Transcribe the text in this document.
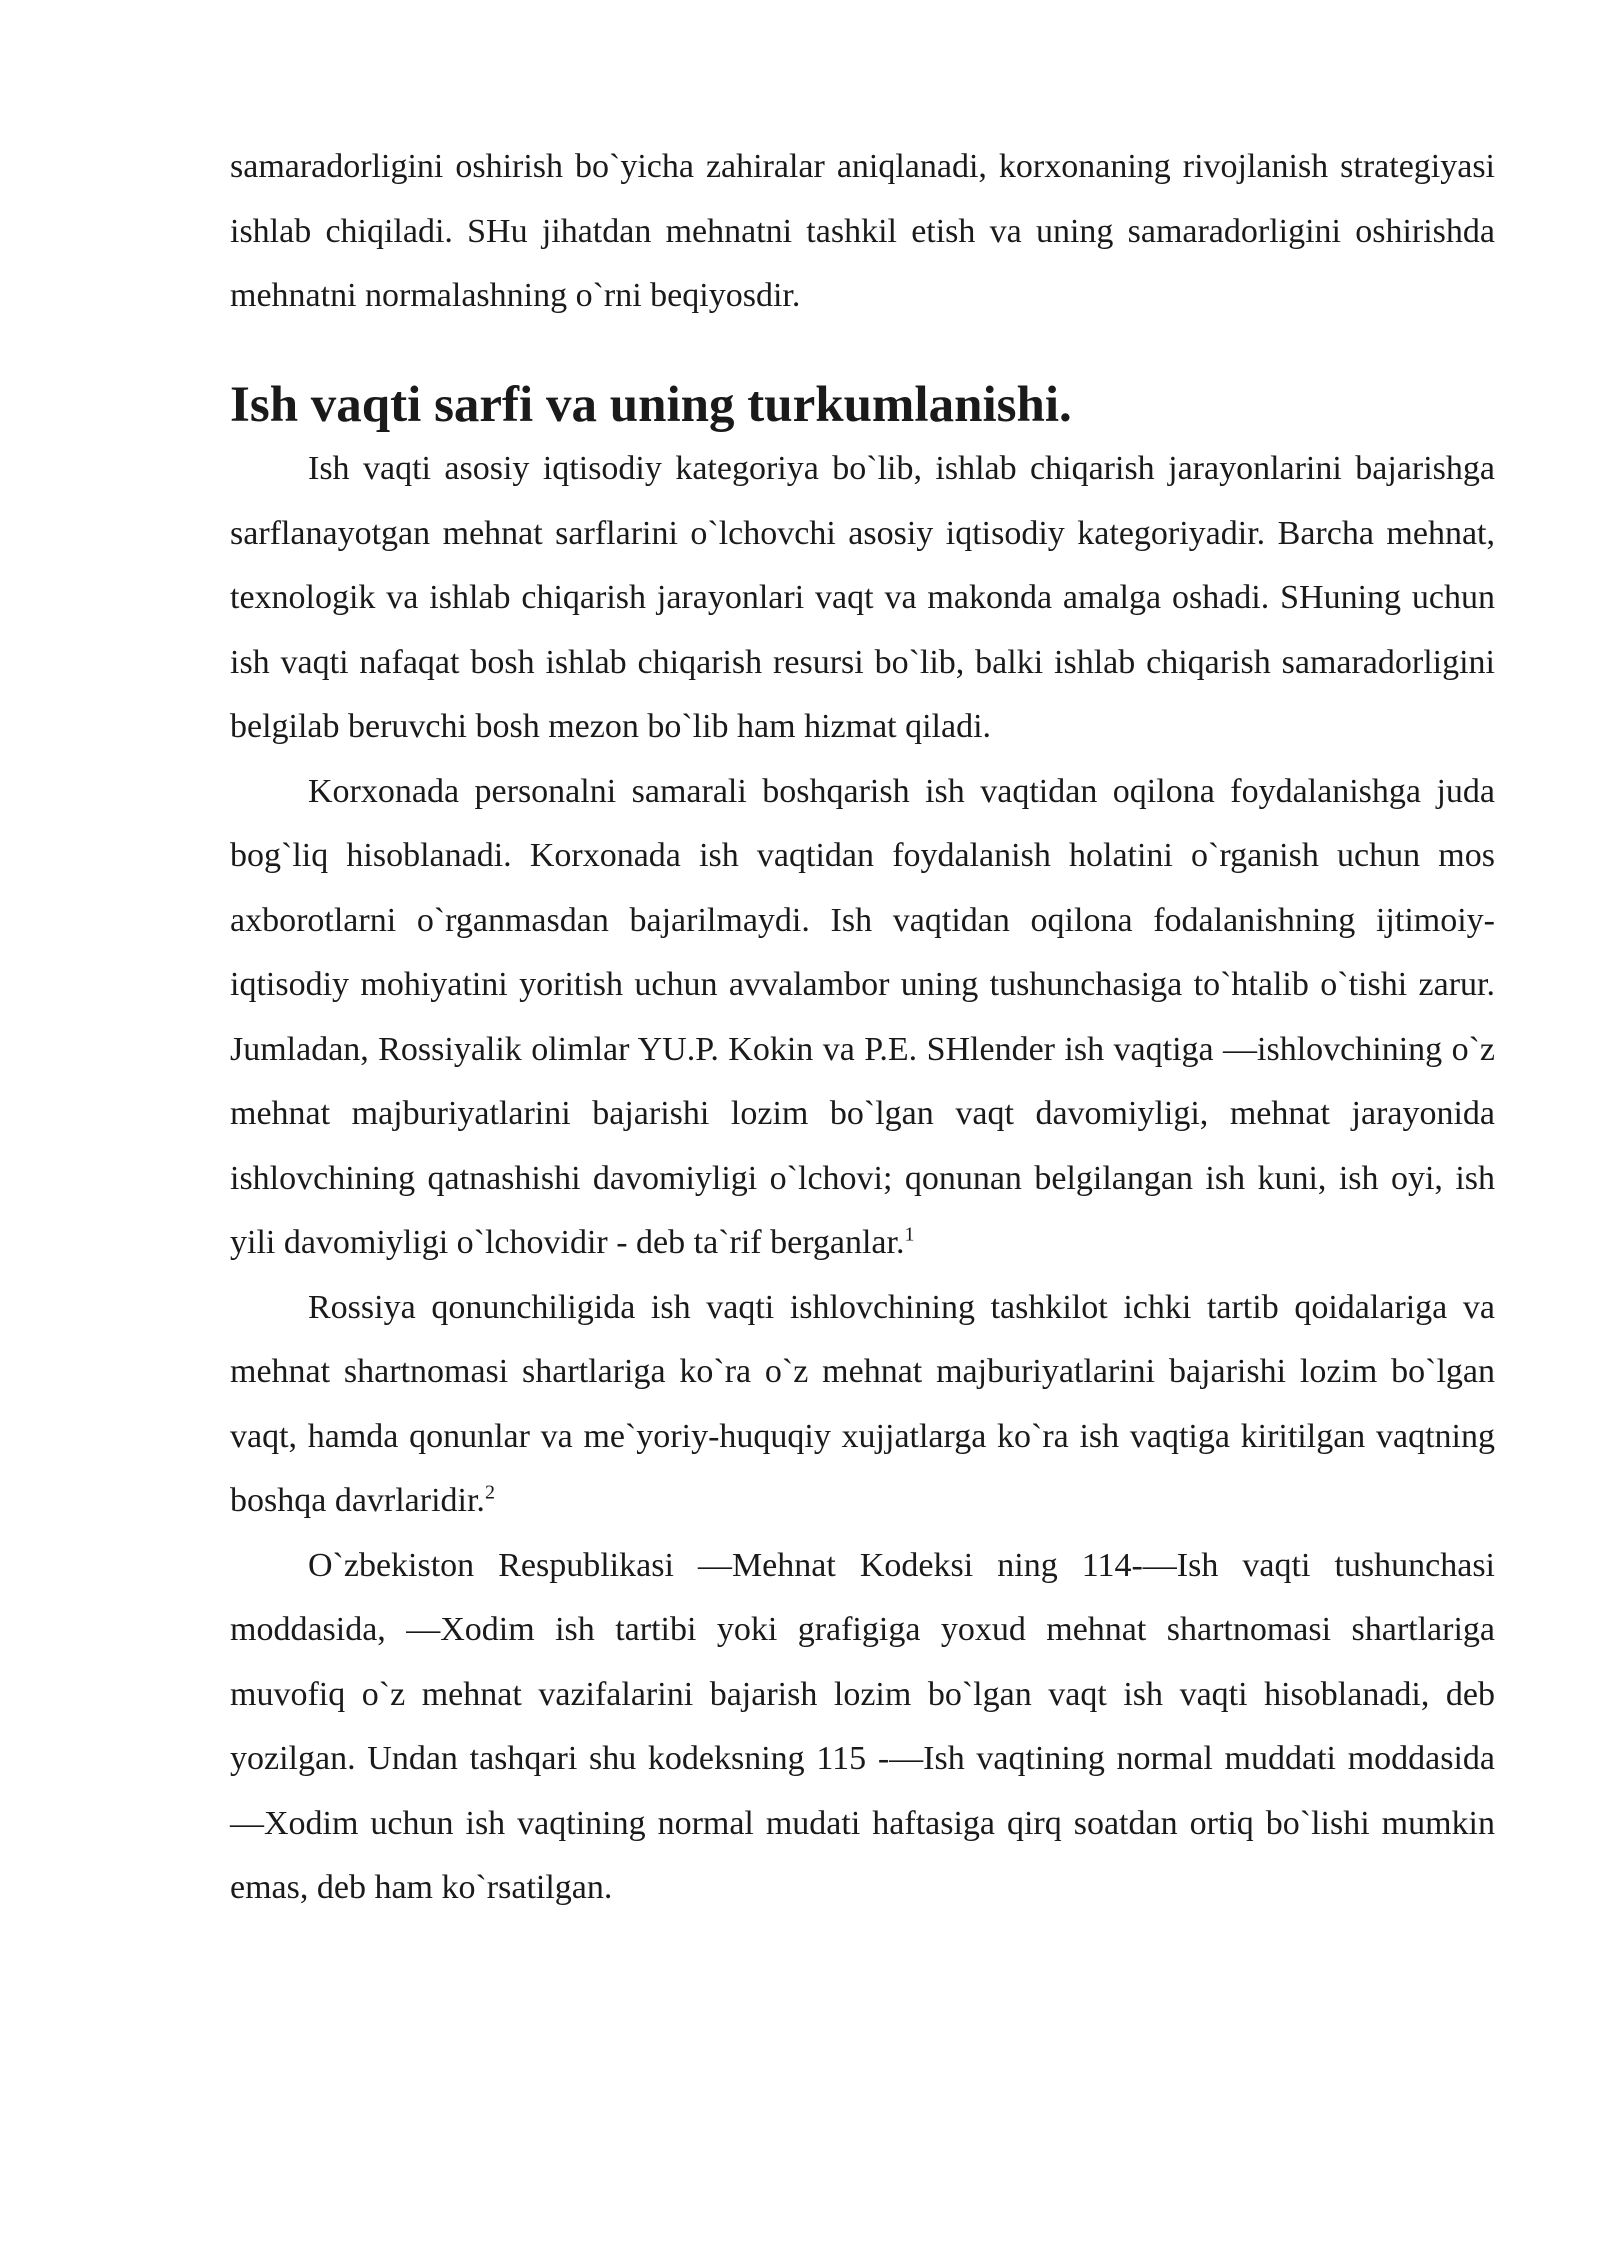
samaradorligini oshirish bo`yicha zahiralar aniqlanadi, korxonaning rivojlanish strategiyasi ishlab chiqiladi. SHu jihatdan mehnatni tashkil etish va uning samaradorligini oshirishda mehnatni normalashning o`rni beqiyosdir.

Ish vaqti sarfi va uning turkumlanishi.

Ish vaqti asosiy iqtisodiy kategoriya bo`lib, ishlab chiqarish jarayonlarini bajarishga sarflanayotgan mehnat sarflarini o`lchovchi asosiy iqtisodiy kategoriyadir. Barcha mehnat, texnologik va ishlab chiqarish jarayonlari vaqt va makonda amalga oshadi. SHuning uchun ish vaqti nafaqat bosh ishlab chiqarish resursi bo`lib, balki ishlab chiqarish samaradorligini belgilab beruvchi bosh mezon bo`lib ham hizmat qiladi.

Korxonada personalni samarali boshqarish ish vaqtidan oqilona foydalanishga juda bog`liq hisoblanadi. Korxonada ish vaqtidan foydalanish holatini o`rganish uchun mos axborotlarni o`rganmasdan bajarilmaydi. Ish vaqtidan oqilona fodalanishning ijtimoiy-iqtisodiy mohiyatini yoritish uchun avvalambor uning tushunchasiga to`htalib o`tishi zarur. Jumladan, Rossiyalik olimlar YU.P. Kokin va P.E. SHlender ish vaqtiga ―ishlovchining o`z mehnat majburiyatlarini bajarishi lozim bo`lgan vaqt davomiyligi, mehnat jarayonida ishlovchining qatnashishi davomiyligi o`lchovi; qonunan belgilangan ish kuni, ish oyi, ish yili davomiyligi o`lchovidir - deb ta`rif berganlar.$^1$

Rossiya qonunchiligida ish vaqti ishlovchining tashkilot ichki tartib qoidalariga va mehnat shartnomasi shartlariga ko`ra o`z mehnat majburiyatlarini bajarishi lozim bo`lgan vaqt, hamda qonunlar va me`yoriy-huquqiy xujjatlarga ko`ra ish vaqtiga kiritilgan vaqtning boshqa davrlaridir.$^2$

O`zbekiston Respublikasi ―Mehnat Kodeksi ning 114-―Ish vaqti tushunchasi moddasida, ―Xodim ish tartibi yoki grafigiga yoxud mehnat shartnomasi shartlariga muvofiq o`z mehnat vazifalarini bajarish lozim bo`lgan vaqt ish vaqti hisoblanadi, deb yozilgan. Undan tashqari shu kodeksning 115 -―Ish vaqtining normal muddati moddasida ―Xodim uchun ish vaqtining normal mudati haftasiga qirq soatdan ortiq bo`lishi mumkin emas, deb ham ko`rsatilgan.
